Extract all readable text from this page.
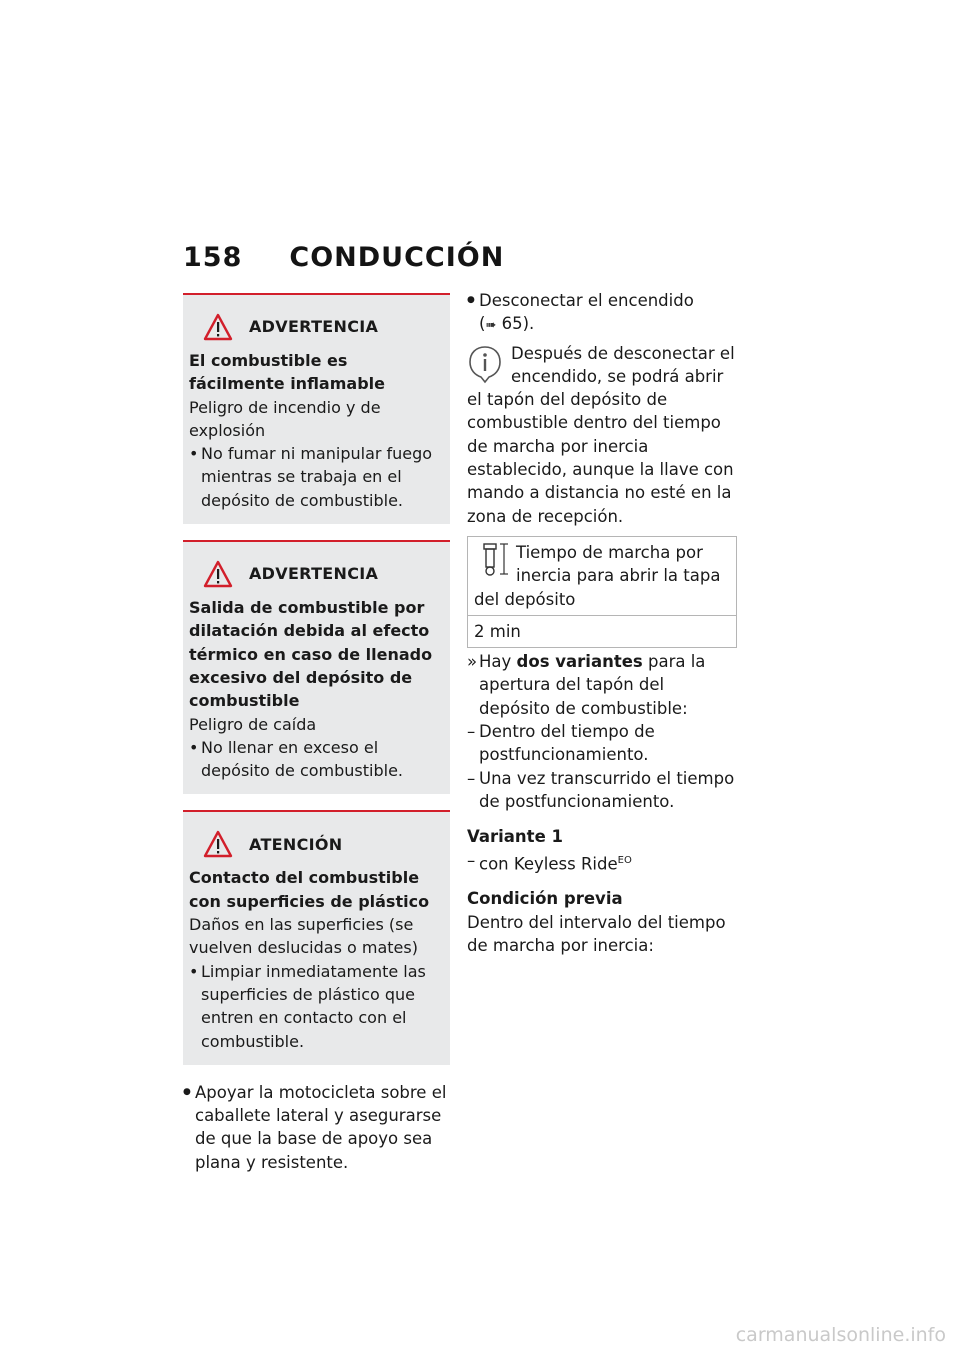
158 CONDUCCIÓN
ADVERTENCIA
El combustible es fácilmente inflamable
Peligro de incendio y de explosión
• No fumar ni manipular fuego mientras se trabaja en el depósito de combustible.
ADVERTENCIA
Salida de combustible por dilatación debida al efecto térmico en caso de llenado excesivo del depósito de combustible
Peligro de caída
• No llenar en exceso el depósito de combustible.
ATENCIÓN
Contacto del combustible con superficies de plástico
Daños en las superficies (se vuelven deslucidas o mates)
• Limpiar inmediatamente las superficies de plástico que entren en contacto con el combustible.
● Apoyar la motocicleta sobre el caballete lateral y asegurarse de que la base de apoyo sea plana y resistente.
● Desconectar el encendido
(➠ 65).
Después de desconectar el encendido, se podrá abrir el tapón del depósito de combustible dentro del tiempo de marcha por inercia establecido, aunque la llave con mando a distancia no esté en la zona de recepción.
Tiempo de marcha por inercia para abrir la tapa del depósito
2 min
» Hay dos variantes para la apertura del tapón del depósito de combustible:
– Dentro del tiempo de postfuncionamiento.
– Una vez transcurrido el tiempo de postfuncionamiento.
Variante 1
– con Keyless Ride$^{EO}$
Condición previa
Dentro del intervalo del tiempo de marcha por inercia:
carmanualsonline.info
